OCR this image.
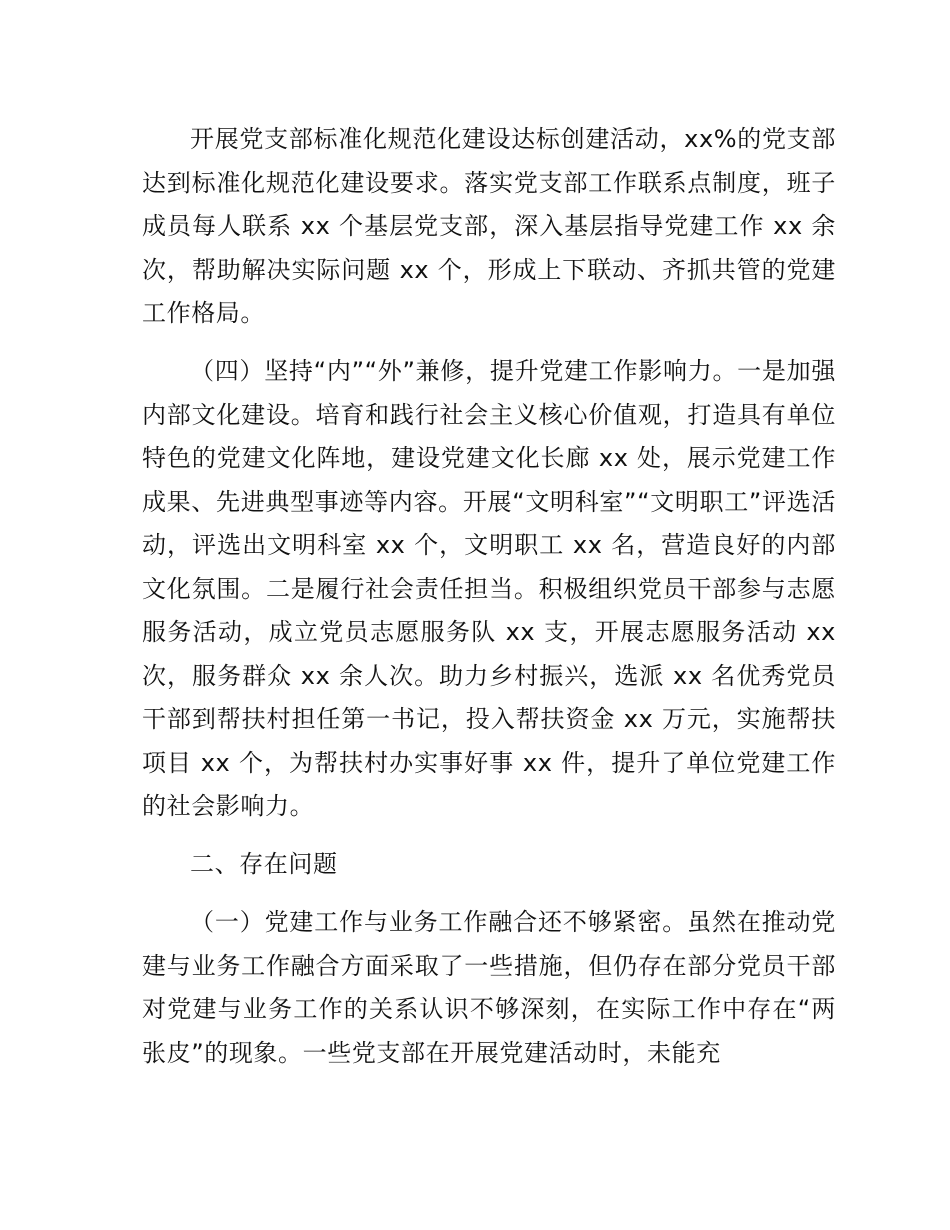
开展党支部标准化规范化建设达标创建活动，xx%的党支部达到标准化规范化建设要求。落实党支部工作联系点制度，班子成员每人联系 xx 个基层党支部，深入基层指导党建工作 xx 余次，帮助解决实际问题 xx 个，形成上下联动、齐抓共管的党建工作格局。

（四）坚持“内”“外”兼修，提升党建工作影响力。一是加强内部文化建设。培育和践行社会主义核心价值观，打造具有单位特色的党建文化阵地，建设党建文化长廊 xx 处，展示党建工作成果、先进典型事迹等内容。开展“文明科室”“文明职工”评选活动，评选出文明科室 xx 个，文明职工 xx 名，营造良好的内部文化氛围。二是履行社会责任担当。积极组织党员干部参与志愿服务活动，成立党员志愿服务队 xx 支，开展志愿服务活动 xx 次，服务群众 xx 余人次。助力乡村振兴，选派 xx 名优秀党员干部到帮扶村担任第一书记，投入帮扶资金 xx 万元，实施帮扶项目 xx 个，为帮扶村办实事好事 xx 件，提升了单位党建工作的社会影响力。

二、存在问题

（一）党建工作与业务工作融合还不够紧密。虽然在推动党建与业务工作融合方面采取了一些措施，但仍存在部分党员干部对党建与业务工作的关系认识不够深刻，在实际工作中存在“两张皮”的现象。一些党支部在开展党建活动时，未能充
